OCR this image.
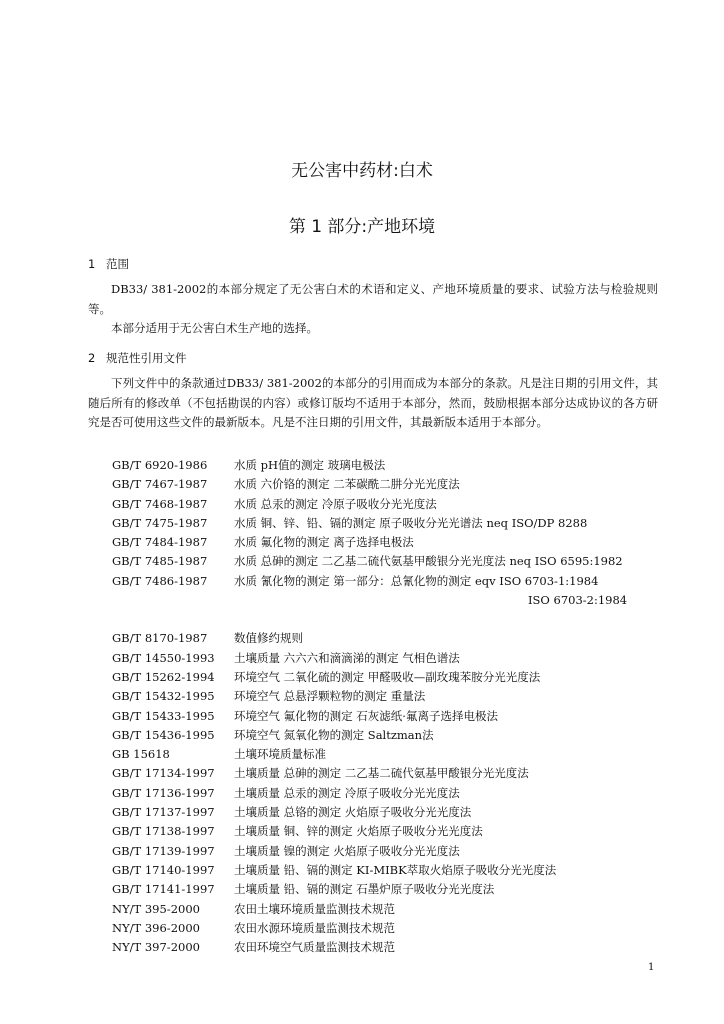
无公害中药材:白术
第 1 部分:产地环境
1 范围

DB33/ 381-2002的本部分规定了无公害白术的术语和定义、产地环境质量的要求、试验方法与检验规则等。

本部分适用于无公害白术生产地的选择。

2 规范性引用文件

下列文件中的条款通过DB33/ 381-2002的本部分的引用而成为本部分的条款。凡是注日期的引用文件，其随后所有的修改单（不包括勘误的内容）或修订版均不适用于本部分，然而，鼓励根据本部分达成协议的各方研究是否可使用这些文件的最新版本。凡是不注日期的引用文件，其最新版本适用于本部分。

GB/T 6920-1986 水质 pH值的测定 玻璃电极法
GB/T 7467-1987 水质 六价铬的测定 二苯碳酰二肼分光光度法
GB/T 7468-1987 水质 总汞的测定 冷原子吸收分光光度法
GB/T 7475-1987 水质 铜、锌、铅、镉的测定 原子吸收分光光谱法 neq ISO/DP 8288
GB/T 7484-1987 水质 氟化物的测定 离子选择电极法
GB/T 7485-1987 水质 总砷的测定 二乙基二硫代氨基甲酸银分光光度法 neq ISO 6595:1982
GB/T 7486-1987 水质 氰化物的测定 第一部分：总氰化物的测定 eqv ISO 6703-1:1984
ISO 6703-2:1984
GB/T 8170-1987 数值修约规则
GB/T 14550-1993 土壤质量 六六六和滴滴涕的测定 气相色谱法
GB/T 15262-1994 环境空气 二氧化硫的测定 甲醛吸收—副玫瑰苯胺分光光度法
GB/T 15432-1995 环境空气 总悬浮颗粒物的测定 重量法
GB/T 15433-1995 环境空气 氟化物的测定 石灰滤纸·氟离子选择电极法
GB/T 15436-1995 环境空气 氮氧化物的测定 Saltzman法
GB 15618	土壤环境质量标准
GB/T 17134-1997 土壤质量 总砷的测定 二乙基二硫代氨基甲酸银分光光度法
GB/T 17136-1997 土壤质量 总汞的测定 冷原子吸收分光光度法
GB/T 17137-1997 土壤质量 总铬的测定 火焰原子吸收分光光度法
GB/T 17138-1997 土壤质量 铜、锌的测定 火焰原子吸收分光光度法
GB/T 17139-1997 土壤质量 镍的测定 火焰原子吸收分光光度法
GB/T 17140-1997 土壤质量 铅、镉的测定 KI-MIBK萃取火焰原子吸收分光光度法
GB/T 17141-1997 土壤质量 铅、镉的测定 石墨炉原子吸收分光光度法
NY/T 395-2000	农田土壤环境质量监测技术规范
NY/T 396-2000	农田水源环境质量监测技术规范
NY/T 397-2000	农田环境空气质量监测技术规范
1
